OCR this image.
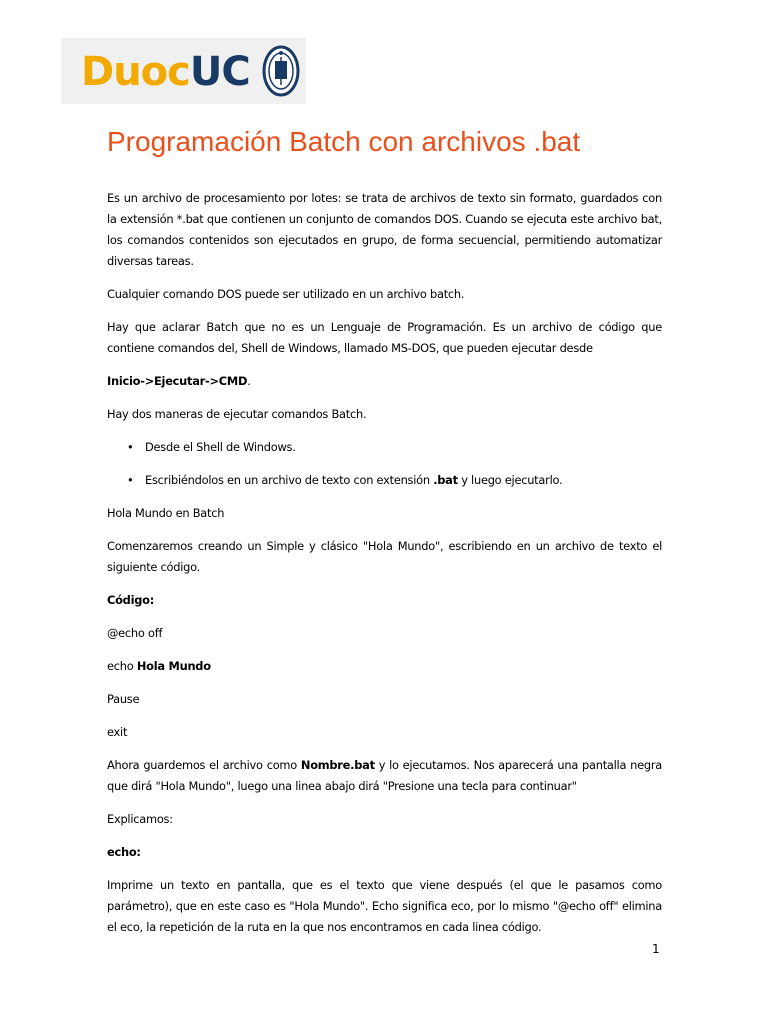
DuocUC
Programación Batch con archivos .bat

Es un archivo de procesamiento por lotes: se trata de archivos de texto sin formato, guardados con la extensión *.bat que contienen un conjunto de comandos DOS. Cuando se ejecuta este archivo bat, los comandos contenidos son ejecutados en grupo, de forma secuencial, permitiendo automatizar diversas tareas.

Cualquier comando DOS puede ser utilizado en un archivo batch.

Hay que aclarar Batch que no es un Lenguaje de Programación. Es un archivo de código que contiene comandos del, Shell de Windows, llamado MS-DOS, que pueden ejecutar desde

Inicio->Ejecutar->CMD.

Hay dos maneras de ejecutar comandos Batch.

• Desde el Shell de Windows.
• Escribiéndolos en un archivo de texto con extensión .bat y luego ejecutarlo.

Hola Mundo en Batch

Comenzaremos creando un Simple y clásico "Hola Mundo", escribiendo en un archivo de texto el siguiente código.

Código:

@echo off

echo Hola Mundo

Pause

exit

Ahora guardemos el archivo como Nombre.bat y lo ejecutamos. Nos aparecerá una pantalla negra que dirá "Hola Mundo", luego una linea abajo dirá "Presione una tecla para continuar"

Explicamos:

echo:

Imprime un texto en pantalla, que es el texto que viene después (el que le pasamos como parámetro), que en este caso es "Hola Mundo". Echo significa eco, por lo mismo "@echo off" elimina el eco, la repetición de la ruta en la que nos encontramos en cada linea código.

1
